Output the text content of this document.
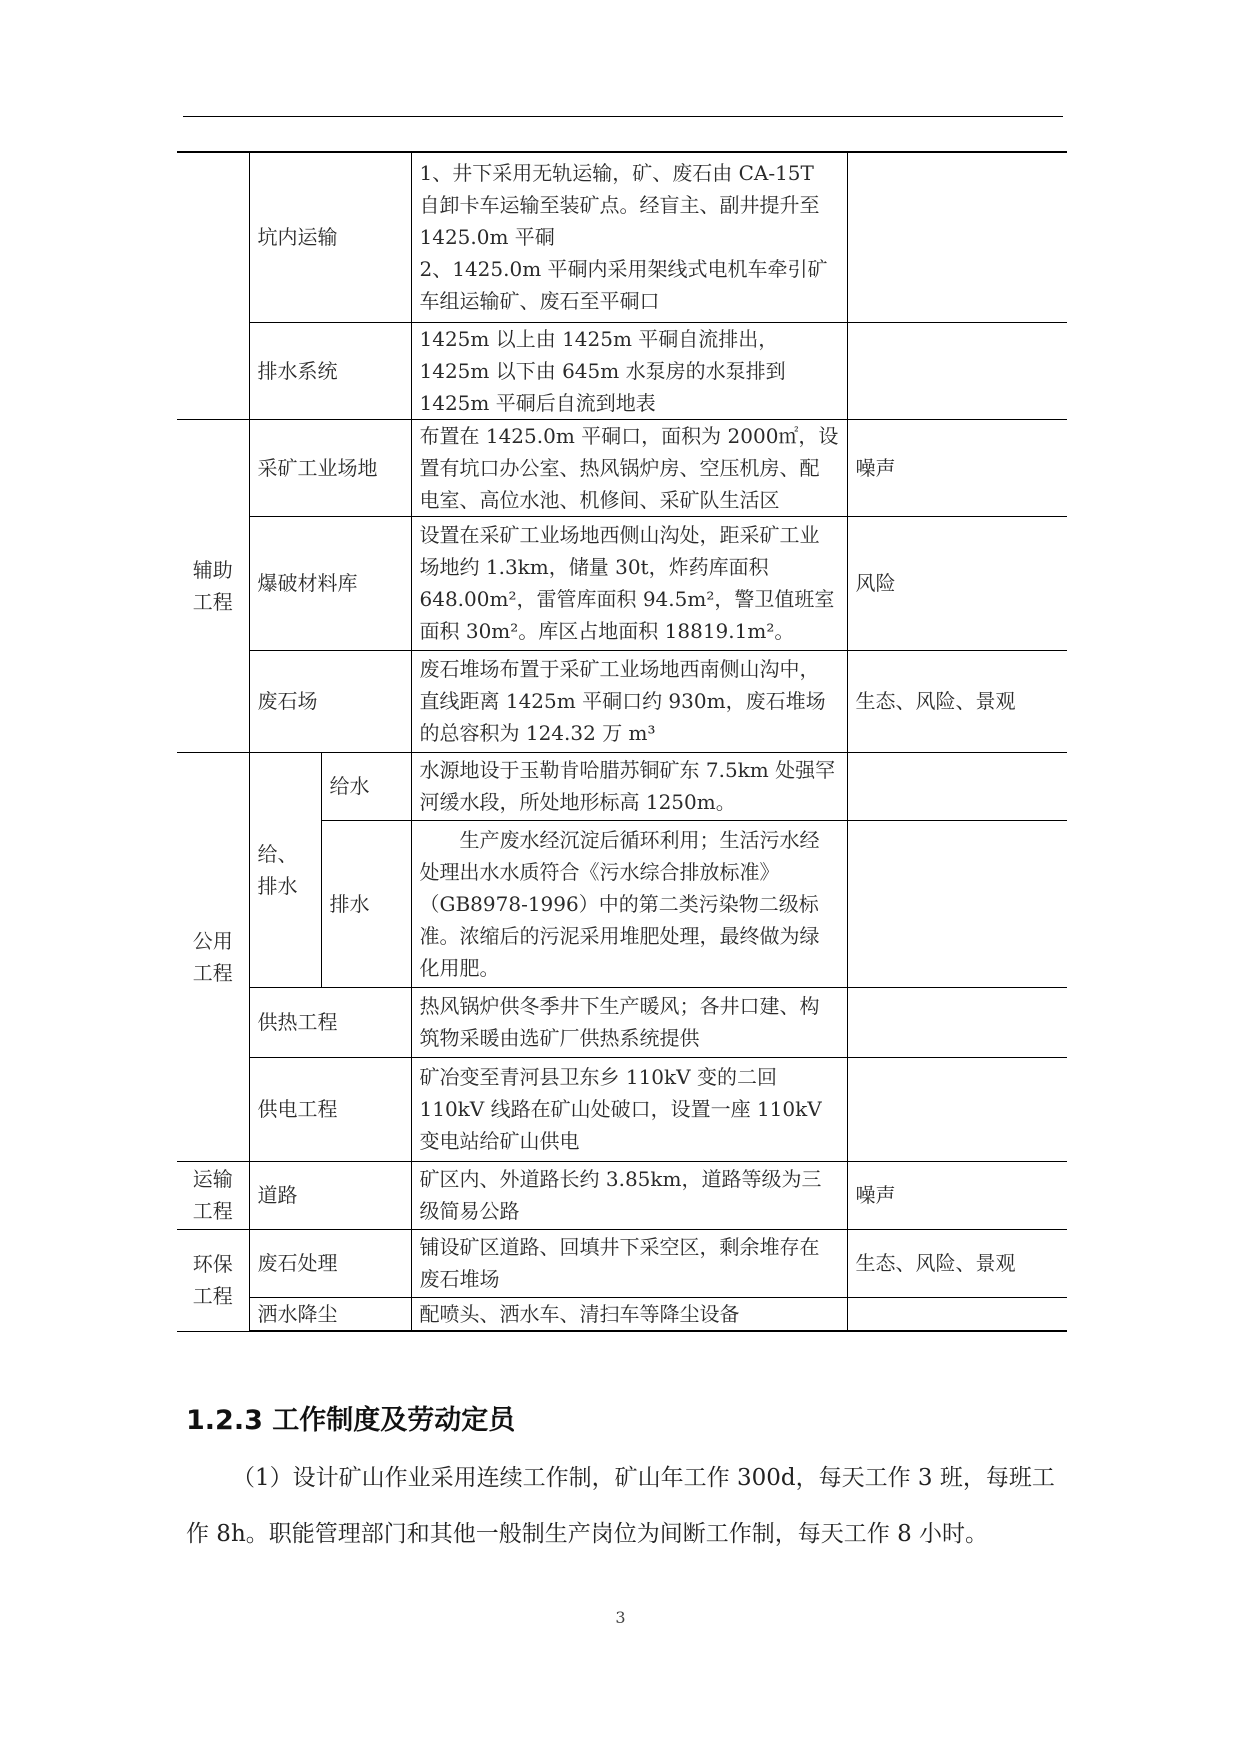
	坑内运输		1、井下采用无轨运输，矿、废石由 CA-15T 自卸卡车运输至装矿点。经盲主、副井提升至 1425.0m 平硐
2、1425.0m 平硐内采用架线式电机车牵引矿车组运输矿、废石至平硐口	
	排水系统		1425m 以上由 1425m 平硐自流排出，1425m 以下由 645m 水泵房的水泵排到 1425m 平硐后自流到地表	

辅助工程	采矿工业场地		布置在 1425.0m 平硐口，面积为 2000㎡，设置有坑口办公室、热风锅炉房、空压机房、配电室、高位水池、机修间、采矿队生活区	噪声
	爆破材料库		设置在采矿工业场地西侧山沟处，距采矿工业场地约 1.3km，储量 30t，炸药库面积 648.00m²，雷管库面积 94.5m²，警卫值班室面积 30m²。库区占地面积 18819.1m²。	风险
	废石场		废石堆场布置于采矿工业场地西南侧山沟中，直线距离 1425m 平硐口约 930m，废石堆场的总容积为 124.32 万 m³	生态、风险、景观

公用工程	给、排水	给水	水源地设于玉勒肯哈腊苏铜矿东 7.5km 处强罕河缓水段，所处地形标高 1250m。	
		排水	生产废水经沉淀后循环利用；生活污水经处理出水水质符合《污水综合排放标准》（GB8978-1996）中的第二类污染物二级标准。浓缩后的污泥采用堆肥处理，最终做为绿化用肥。	
	供热工程		热风锅炉供冬季井下生产暖风；各井口建、构筑物采暖由选矿厂供热系统提供	
	供电工程		矿冶变至青河县卫东乡 110kV 变的二回 110kV 线路在矿山处破口，设置一座 110kV 变电站给矿山供电	

运输工程	道路		矿区内、外道路长约 3.85km，道路等级为三级简易公路	噪声

环保工程	废石处理		铺设矿区道路、回填井下采空区，剩余堆存在废石堆场	生态、风险、景观
	洒水降尘		配喷头、洒水车、清扫车等降尘设备	
1.2.3 工作制度及劳动定员

（1）设计矿山作业采用连续工作制，矿山年工作 300d，每天工作 3 班，每班工作 8h。职能管理部门和其他一般制生产岗位为间断工作制，每天工作 8 小时。

3
